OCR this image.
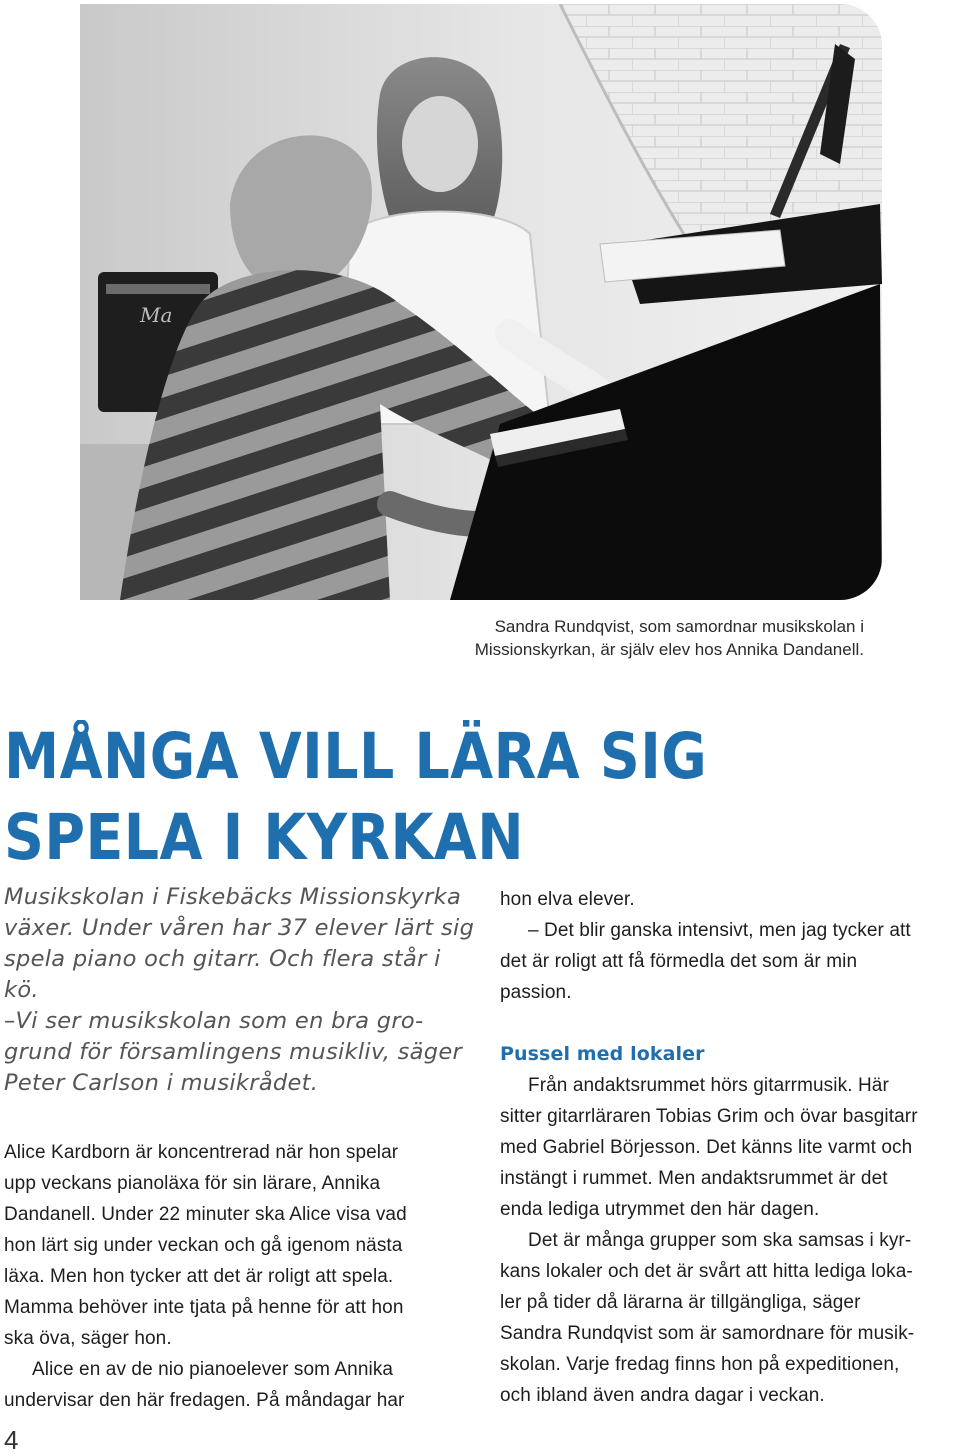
Ma

Sandra Rundqvist, som samordnar musikskolan i

Missionskyrkan, är själv elev hos Annika Dandanell.

MÅNGA VILL LÄRA SIG
SPELA I KYRKAN

Musikskolan i Fiskebäcks Missionskyrka
växer. Under våren har 37 elever lärt sig
spela piano och gitarr. Och flera står i
kö.
–Vi ser musikskolan som en bra gro-
grund för församlingens musikliv, säger
Peter Carlson i musikrådet.

Alice Kardborn är koncentrerad när hon spelar
upp veckans pianoläxa för sin lärare, Annika
Dandanell. Under 22 minuter ska Alice visa vad
hon lärt sig under veckan och gå igenom nästa
läxa. Men hon tycker att det är roligt att spela.
Mamma behöver inte tjata på henne för att hon
ska öva, säger hon.
Alice en av de nio pianoelever som Annika
undervisar den här fredagen. På måndagar har
hon elva elever.
– Det blir ganska intensivt, men jag tycker att
det är roligt att få förmedla det som är min
passion.
Pussel med lokaler
Från andaktsrummet hörs gitarrmusik. Här
sitter gitarrläraren Tobias Grim och övar basgitarr
med Gabriel Börjesson. Det känns lite varmt och
instängt i rummet. Men andaktsrummet är det
enda lediga utrymmet den här dagen.
Det är många grupper som ska samsas i kyr-
kans lokaler och det är svårt att hitta lediga loka-
ler på tider då lärarna är tillgängliga, säger
Sandra Rundqvist som är samordnare för musik-
skolan. Varje fredag finns hon på expeditionen,
och ibland även andra dagar i veckan.
4
